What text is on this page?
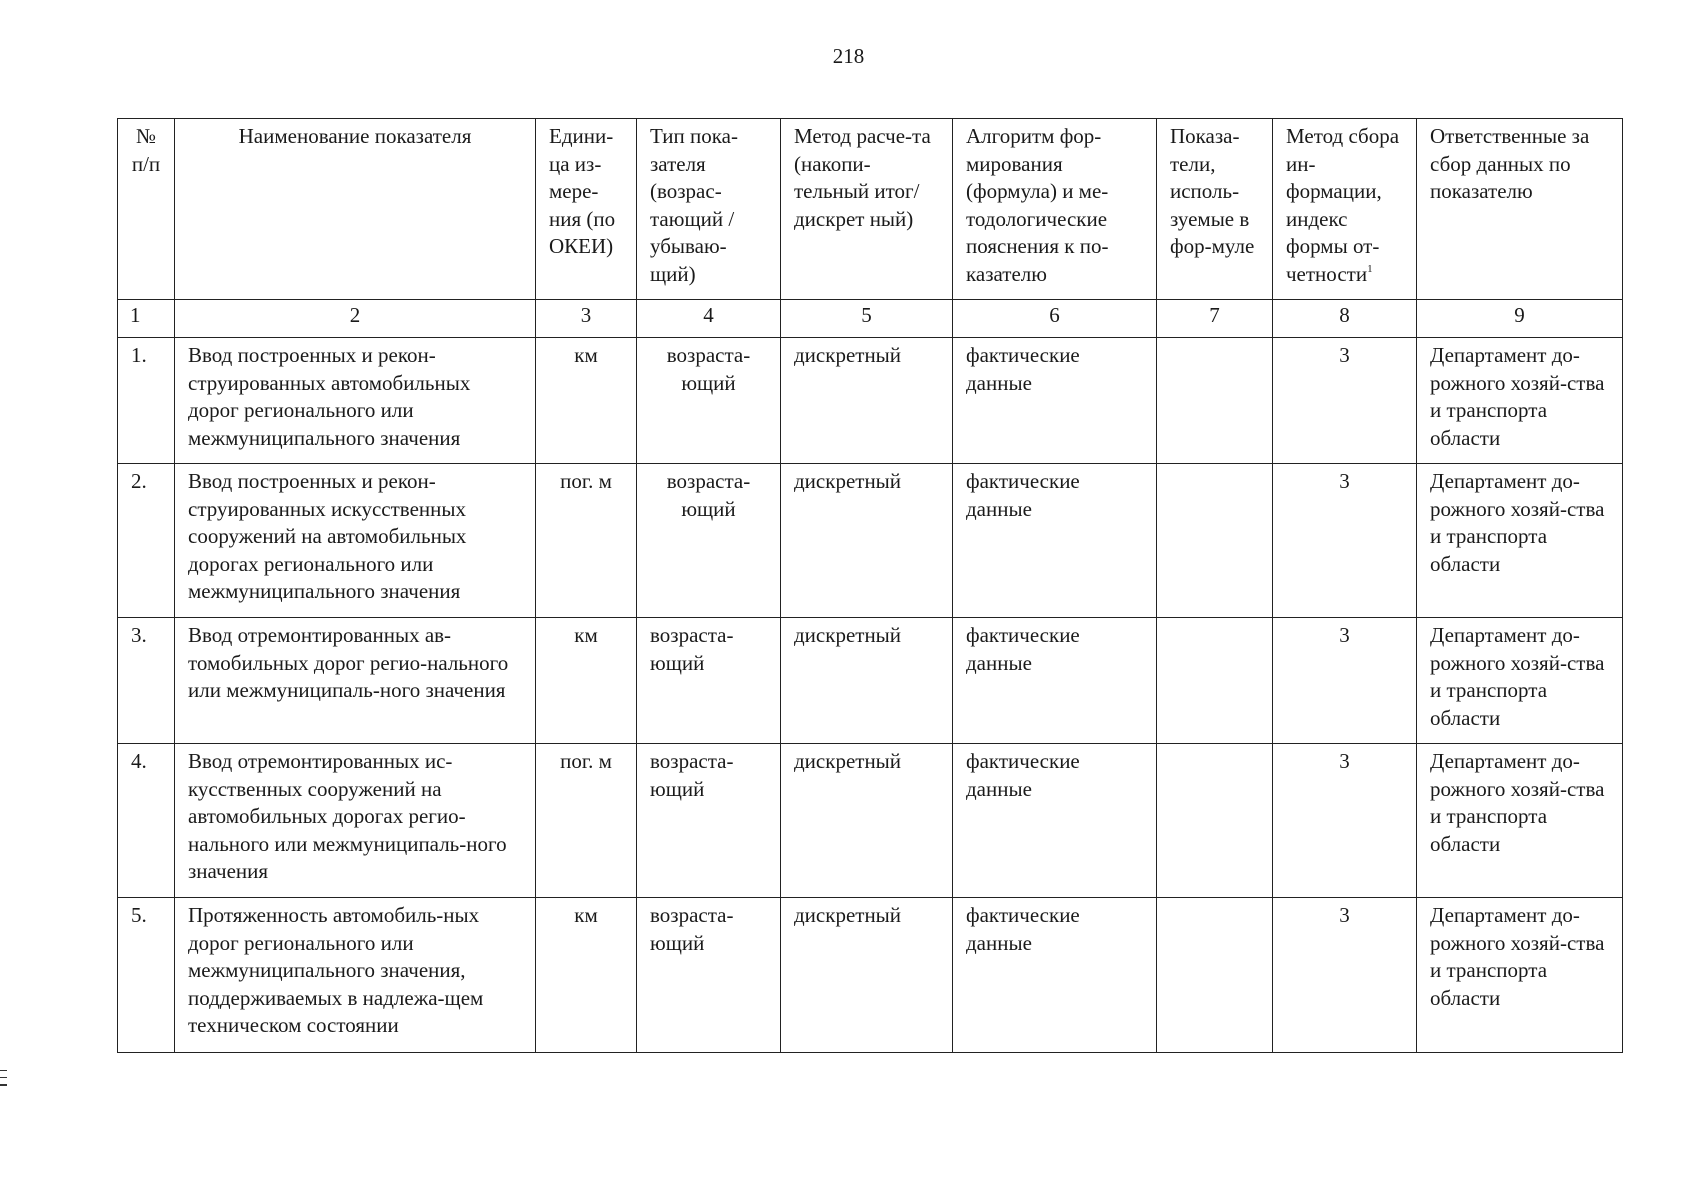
218
№ п/п	Наименование показателя	Едини-ца из-мере-ния (по ОКЕИ)	Тип пока-зателя (возрас-тающий / убываю-щий)	Метод расче-та (накопи-тельный итог/дискрет ный)	Алгоритм фор-мирования (формула) и ме-тодологические пояснения к по-казателю	Показа-тели, исполь-зуемые в фор-муле	Метод сбора ин-формации, индекс формы от-четности$^1$	Ответственные за сбор данных по показателю
1	2	3	4	5	6	7	8	9
1.	Ввод построенных и рекон-струированных автомобильных дорог регионального или межмуниципального значения	км	возраста-ющий	дискретный	фактические данные		3	Департамент до-рожного хозяй-ства и транспорта области
2.	Ввод построенных и рекон-струированных искусственных сооружений на автомобильных дорогах регионального или межмуниципального значения	пог. м	возраста-ющий	дискретный	фактические данные		3	Департамент до-рожного хозяй-ства и транспорта области
3.	Ввод отремонтированных ав-томобильных дорог регио-нального или межмуниципаль-ного значения	км	возраста-ющий	дискретный	фактические данные		3	Департамент до-рожного хозяй-ства и транспорта области
4.	Ввод отремонтированных ис-кусственных сооружений на автомобильных дорогах регио-нального или межмуниципаль-ного значения	пог. м	возраста-ющий	дискретный	фактические данные		3	Департамент до-рожного хозяй-ства и транспорта области
5.	Протяженность автомобиль-ных дорог регионального или межмуниципального значения, поддерживаемых в надлежа-щем техническом состоянии	км	возраста-ющий	дискретный	фактические данные		3	Департамент до-рожного хозяй-ства и транспорта области
